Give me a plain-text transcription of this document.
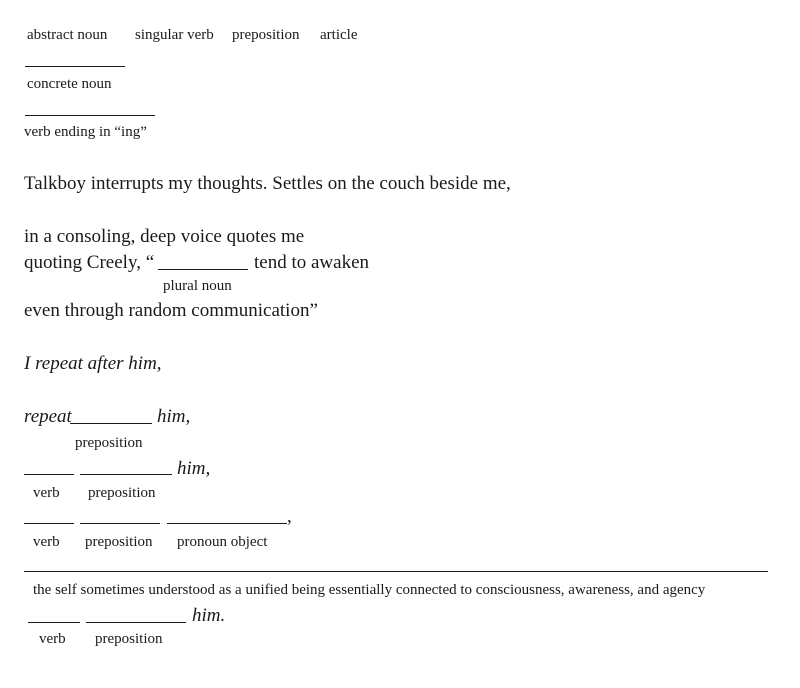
abstract noun singular verb preposition article
concrete noun
verb ending in “ing”
Talkboy interrupts my thoughts. Settles on the couch beside me,
in a consoling, deep voice quotes me
quoting Creely, “	tend to awaken
plural noun
even through random communication”
I repeat after him,
repeat	him,
preposition
him,
verb preposition
,
verb preposition pronoun object
the self sometimes understood as a unified being essentially connected to consciousness, awareness, and agency
him.
verb preposition
